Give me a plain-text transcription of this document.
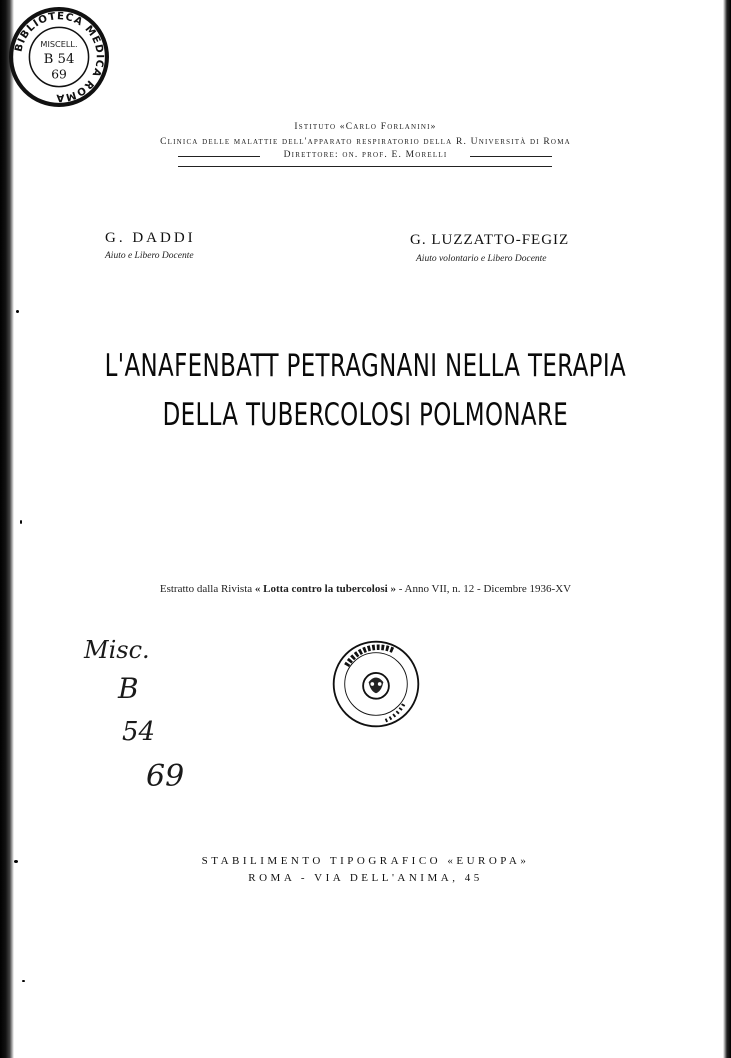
BIBLIOTECA MEDICA ROMA
MISCELL.
B 54
69
Istituto «Carlo Forlanini»
Clinica delle malattie dell'apparato respiratorio della R. Università di Roma
Direttore: on. prof. E. Morelli
G. DADDI
Aiuto e Libero Docente
G. LUZZATTO-FEGIZ
Aiuto volontario e Libero Docente
L'ANAFENBATT PETRAGNANI NELLA TERAPIA
DELLA TUBERCOLOSI POLMONARE
Estratto dalla Rivista « Lotta contro la tubercolosi » - Anno VII, n. 12 - Dicembre 1936-XV
Misc.
B
54
69
STABILIMENTO TIPOGRAFICO «EUROPA»
ROMA - VIA DELL'ANIMA, 45
